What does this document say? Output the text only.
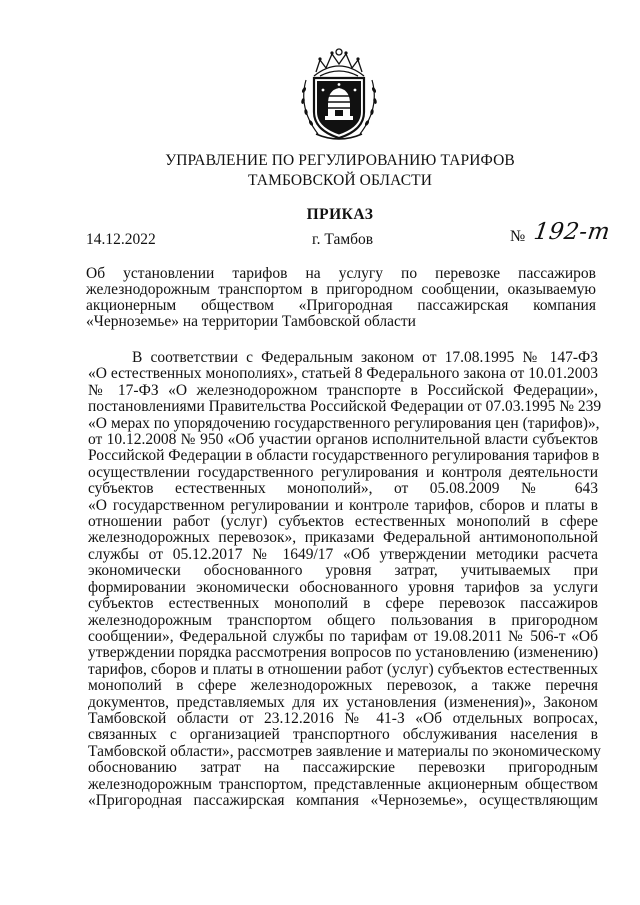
УПРАВЛЕНИЕ ПО РЕГУЛИРОВАНИЮ ТАРИФОВ
ТАМБОВСКОЙ ОБЛАСТИ
ПРИКАЗ
14.12.2022	г. Тамбов	№ 192-т
Об установлении тарифов на услугу по перевозке пассажиров
железнодорожным транспортом в пригородном сообщении, оказываемую
акционерным обществом «Пригородная пассажирская компания
«Черноземье» на территории Тамбовской области
В соответствии с Федеральным законом от 17.08.1995 № 147-ФЗ
«О естественных монополиях», статьей 8 Федерального закона от 10.01.2003
№ 17-ФЗ «О железнодорожном транспорте в Российской Федерации»,
постановлениями Правительства Российской Федерации от 07.03.1995 № 239
«О мерах по упорядочению государственного регулирования цен (тарифов)»,
от 10.12.2008 № 950 «Об участии органов исполнительной власти субъектов
Российской Федерации в области государственного регулирования тарифов в
осуществлении государственного регулирования и контроля деятельности
субъектов естественных монополий», от 05.08.2009 № 643
«О государственном регулировании и контроле тарифов, сборов и платы в
отношении работ (услуг) субъектов естественных монополий в сфере
железнодорожных перевозок», приказами Федеральной антимонопольной
службы от 05.12.2017 № 1649/17 «Об утверждении методики расчета
экономически обоснованного уровня затрат, учитываемых при
формировании экономически обоснованного уровня тарифов за услуги
субъектов естественных монополий в сфере перевозок пассажиров
железнодорожным транспортом общего пользования в пригородном
сообщении», Федеральной службы по тарифам от 19.08.2011 № 506-т «Об
утверждении порядка рассмотрения вопросов по установлению (изменению)
тарифов, сборов и платы в отношении работ (услуг) субъектов естественных
монополий в сфере железнодорожных перевозок, а также перечня
документов, представляемых для их установления (изменения)», Законом
Тамбовской области от 23.12.2016 № 41-З «Об отдельных вопросах,
связанных с организацией транспортного обслуживания населения в
Тамбовской области», рассмотрев заявление и материалы по экономическому
обоснованию затрат на пассажирские перевозки пригородным
железнодорожным транспортом, представленные акционерным обществом
«Пригородная пассажирская компания «Черноземье», осуществляющим
